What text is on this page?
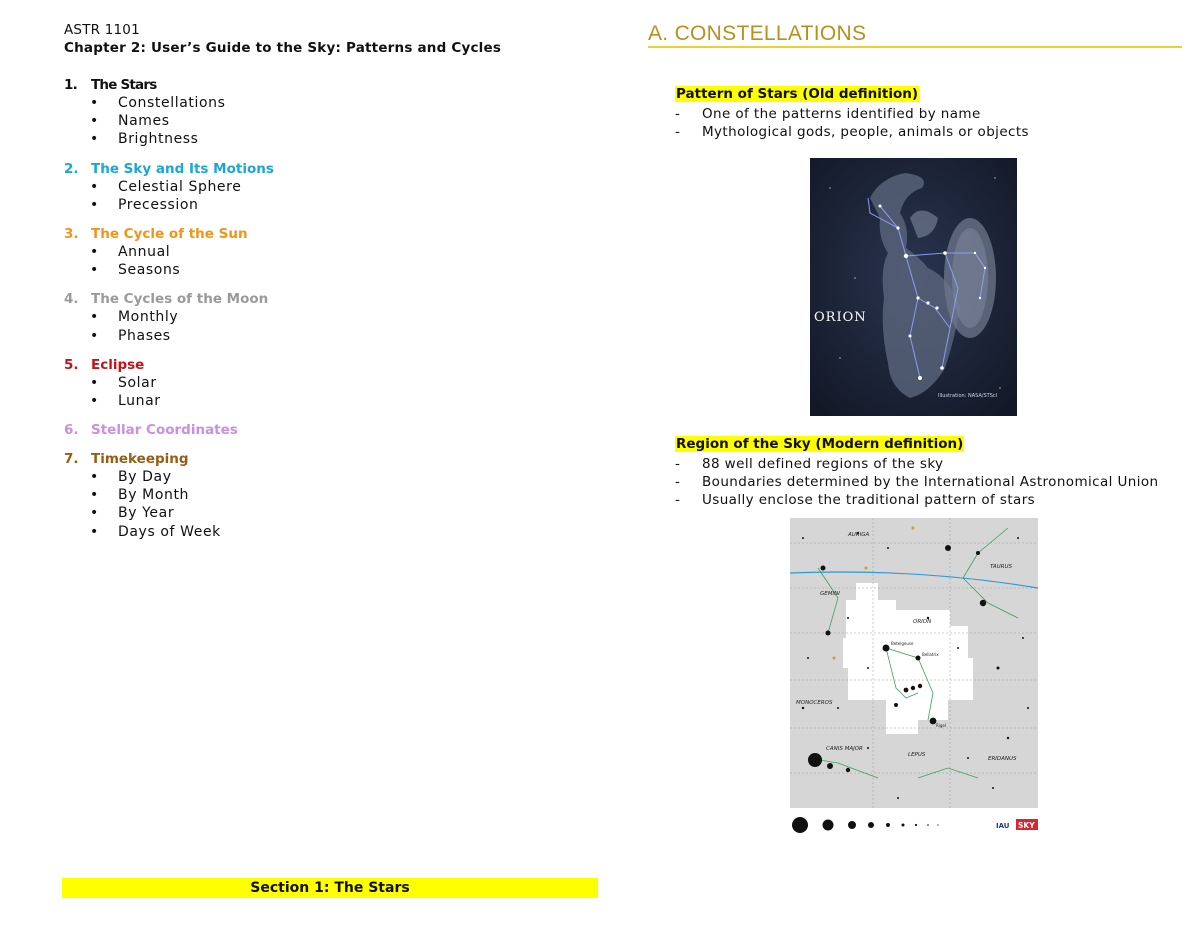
ASTR 1101
Chapter 2: User’s Guide to the Sky: Patterns and Cycles
1. The Stars
• Constellations
• Names
• Brightness
2. The Sky and Its Motions
• Celestial Sphere
• Precession
3. The Cycle of the Sun
• Annual
• Seasons
4. The Cycles of the Moon
• Monthly
• Phases
5. Eclipse
• Solar
• Lunar
6. Stellar Coordinates
7. Timekeeping
• By Day
• By Month
• By Year
• Days of Week
Section 1: The Stars
A. CONSTELLATIONS
Pattern of Stars (Old definition)
- One of the patterns identified by name
- Mythological gods, people, animals or objects
ORION
Illustration: NASA/STScI
Region of the Sky (Modern definition)
- 88 well defined regions of the sky
- Boundaries determined by the International Astronomical Union
- Usually enclose the traditional pattern of stars
AURIGA
TAURUS
GEMINI
ORION
MONOCEROS
CANIS MAJOR
LEPUS
ERIDANUS
Betelgeuse
Bellatrix
Rigel
IAU SKY
